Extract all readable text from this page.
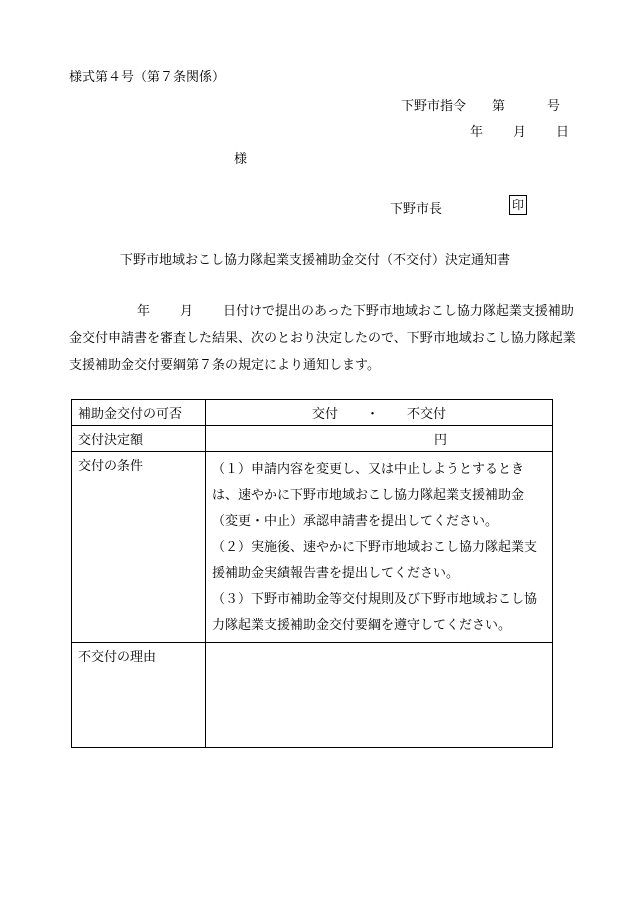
様式第４号（第７条関係）
下野市指令 第	号
年 月 日
様
下野市長	印
下野市地域おこし協力隊起業支援補助金交付（不交付）決定通知書
年 月 日付けで提出のあった下野市地域おこし協力隊起業支援補助金交付申請書を審査した結果、次のとおり決定したので、下野市地域おこし協力隊起業支援補助金交付要綱第７条の規定により通知します。
補助金交付の可否	交付 ・ 不交付
交付決定額	円
交付の条件	（１）申請内容を変更し、又は中止しようとするときは、速やかに下野市地域おこし協力隊起業支援補助金（変更・中止）承認申請書を提出してください。

（２）実施後、速やかに下野市地域おこし協力隊起業支援補助金実績報告書を提出してください。

（３）下野市補助金等交付規則及び下野市地域おこし協力隊起業支援補助金交付要綱を遵守してください。

不交付の理由	
